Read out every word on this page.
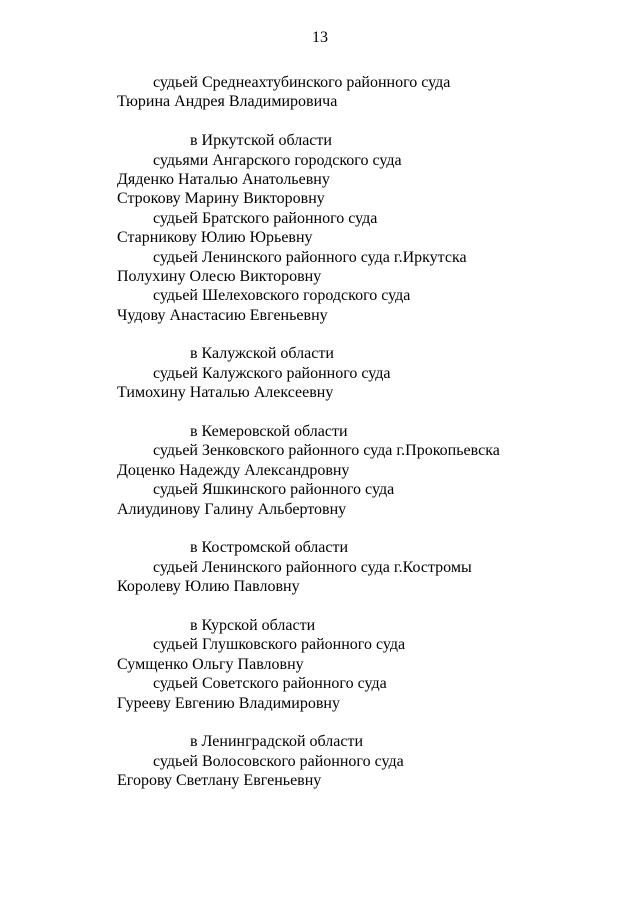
13
судьей Среднеахтубинского районного суда
Тюрина Андрея Владимировича
в Иркутской области
судьями Ангарского городского суда
Дяденко Наталью Анатольевну
Строкову Марину Викторовну
судьей Братского районного суда
Старникову Юлию Юрьевну
судьей Ленинского районного суда г.Иркутска
Полухину Олесю Викторовну
судьей Шелеховского городского суда
Чудову Анастасию Евгеньевну
в Калужской области
судьей Калужского районного суда
Тимохину Наталью Алексеевну
в Кемеровской области
судьей Зенковского районного суда г.Прокопьевска
Доценко Надежду Александровну
судьей Яшкинского районного суда
Алиудинову Галину Альбертовну
в Костромской области
судьей Ленинского районного суда г.Костромы
Королеву Юлию Павловну
в Курской области
судьей Глушковского районного суда
Сумщенко Ольгу Павловну
судьей Советского районного суда
Гурееву Евгению Владимировну
в Ленинградской области
судьей Волосовского районного суда
Егорову Светлану Евгеньевну
